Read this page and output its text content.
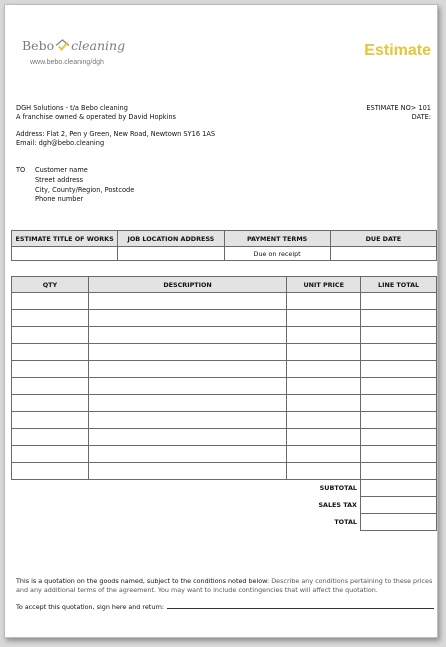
Bebo cleaning
www.bebo.cleaning/dgh
Estimate
DGH Solutions - t/a Bebo cleaning
A franchise owned & operated by David Hopkins
Address: Flat 2, Pen y Green, New Road, Newtown SY16 1AS
Email: dgh@bebo.cleaning
ESTIMATE NO> 101
DATE:
TO Customer name
Street address
City, County/Region, Postcode
Phone number
ESTIMATE TITLE OF WORKS	JOB LOCATION ADDRESS	PAYMENT TERMS	DUE DATE
		Due on receipt	
QTY	DESCRIPTION	UNIT PRICE	LINE TOTAL

SUBTOTAL
SALES TAX
TOTAL
This is a quotation on the goods named, subject to the conditions noted below: Describe any conditions pertaining to these prices and any additional terms of the agreement. You may want to include contingencies that will affect the quotation.
To accept this quotation, sign here and return:
